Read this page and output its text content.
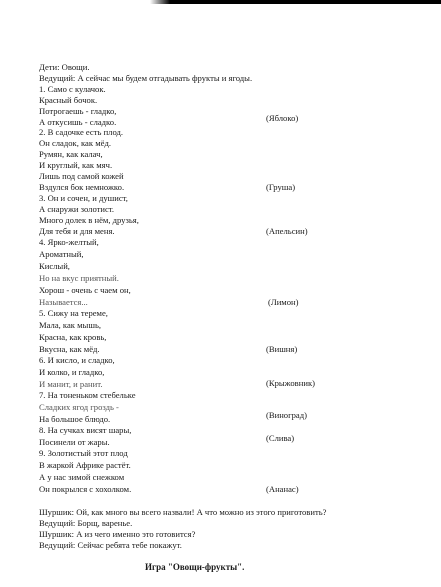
Дети: Овощи.
Ведущий: А сейчас мы будем отгадывать фрукты и ягоды.
1. Само с кулачок.
Красный бочок.
Потрогаешь - гладко,
А откусишь - сладко.	(Яблоко)
2. В садочке есть плод.
Он сладок, как мёд.
Румян, как калач,
И круглый, как мяч.
Лишь под самой кожей
Вздулся бок немножко.	(Груша)
3. Он и сочен, и душист,
А снаружи золотист.
Много долек в нём, друзья,
Для тебя и для меня.	(Апельсин)
4. Ярко-желтый,
Ароматный,
Кислый,
Но на вкус приятный.
Хорош - очень с чаем он,
Называется...	(Лимон)
5. Сижу на тереме,
Мала, как мышь,
Красна, как кровь,
Вкусна, как мёд.	(Вишня)
6. И кисло, и сладко,
И колко, и гладко,
И манит, и ранит.	(Крыжовник)
7. На тоненьком стебельке
Сладких ягод гроздь -
На большое блюдо.	(Виноград)
8. На сучках висят шары,
Посинели от жары.	(Слива)
9. Золотистый этот плод
В жаркой Африке растёт.
А у нас зимой снежком
Он покрылся с хохолком.	(Ананас)
Шуршик: Ой, как много вы всего назвали! А что можно из этого приготовить?
Ведущий: Борщ, варенье.
Шуршик: А из чего именно это готовится?
Ведущий: Сейчас ребята тебе покажут.
Игра "Овощи-фрукты".
